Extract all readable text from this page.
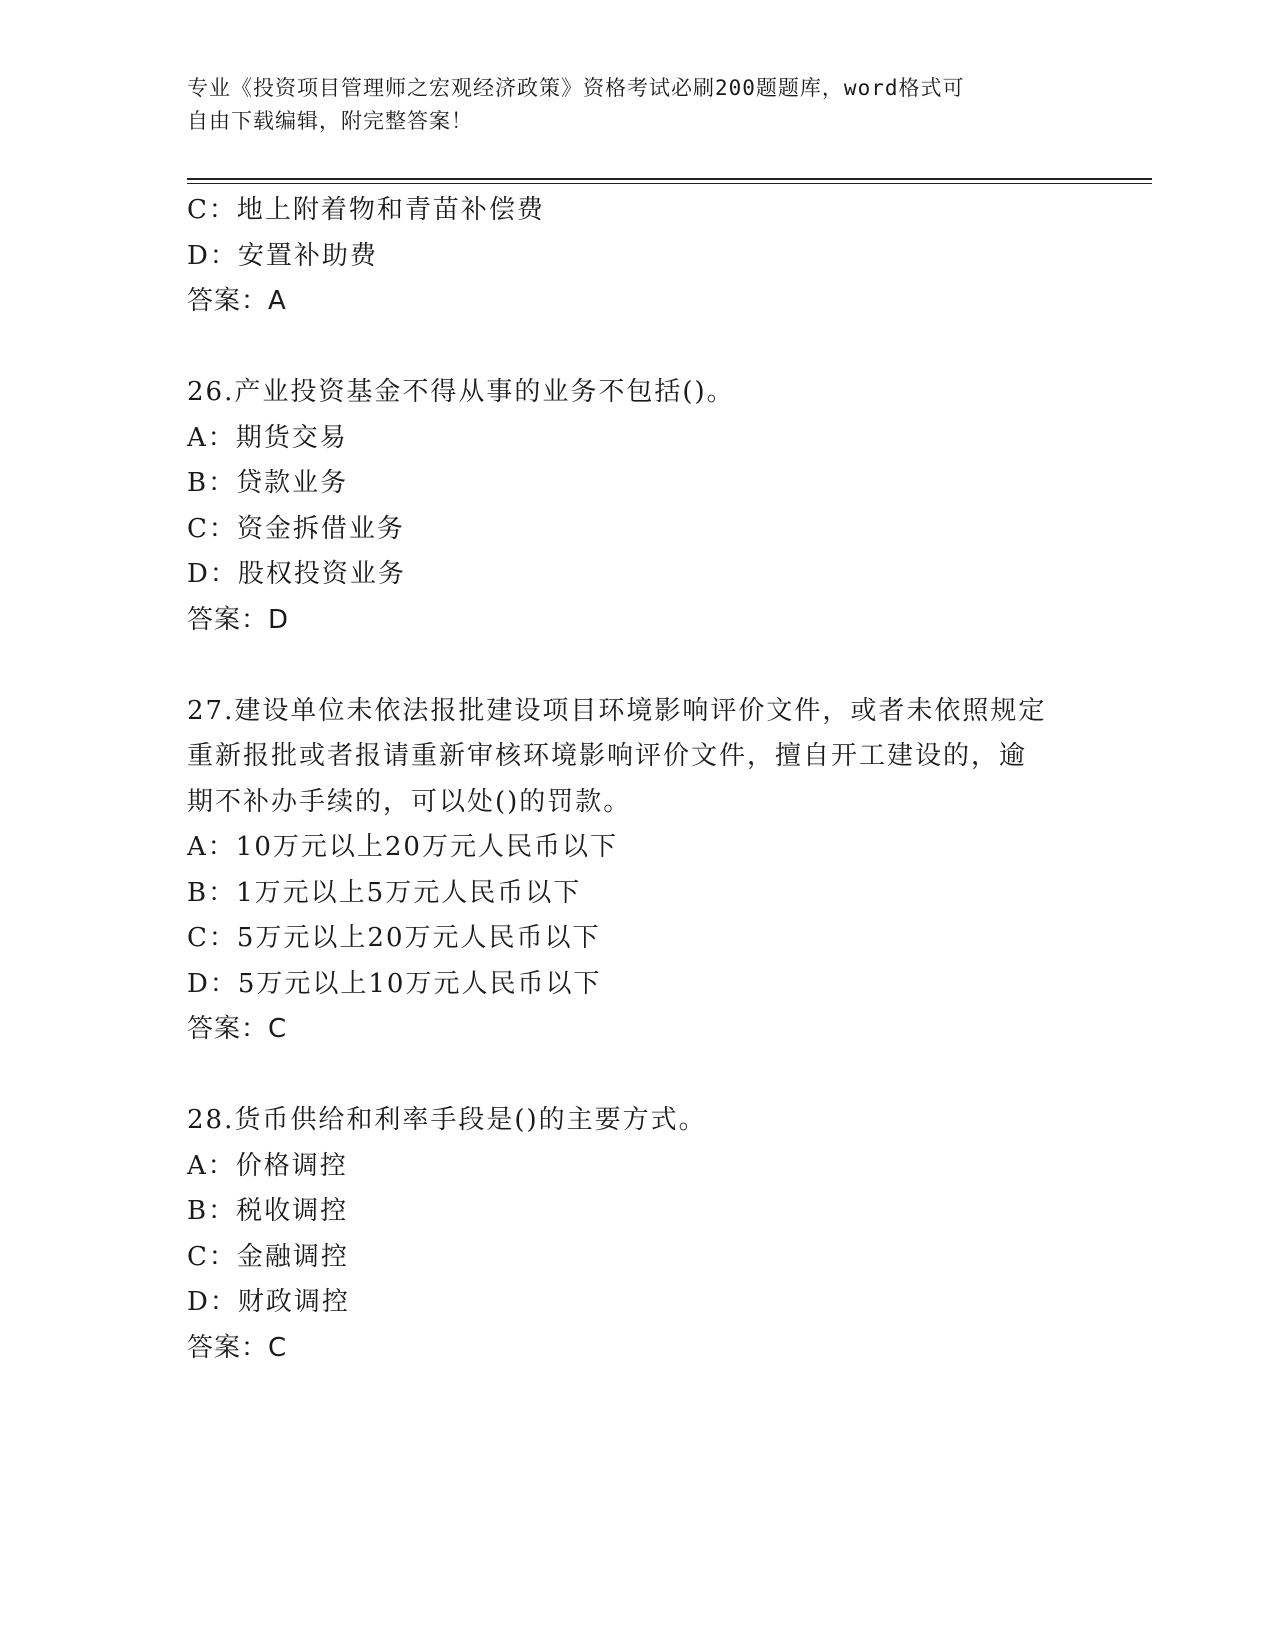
专业《投资项目管理师之宏观经济政策》资格考试必刷200题题库，word格式可
自由下载编辑，附完整答案！
C：地上附着物和青苗补偿费
D：安置补助费
答案：A
26.产业投资基金不得从事的业务不包括()。
A：期货交易
B：贷款业务
C：资金拆借业务
D：股权投资业务
答案：D
27.建设单位未依法报批建设项目环境影响评价文件，或者未依照规定
重新报批或者报请重新审核环境影响评价文件，擅自开工建设的，逾
期不补办手续的，可以处()的罚款。
A：10万元以上20万元人民币以下
B：1万元以上5万元人民币以下
C：5万元以上20万元人民币以下
D：5万元以上10万元人民币以下
答案：C
28.货币供给和利率手段是()的主要方式。
A：价格调控
B：税收调控
C：金融调控
D：财政调控
答案：C
